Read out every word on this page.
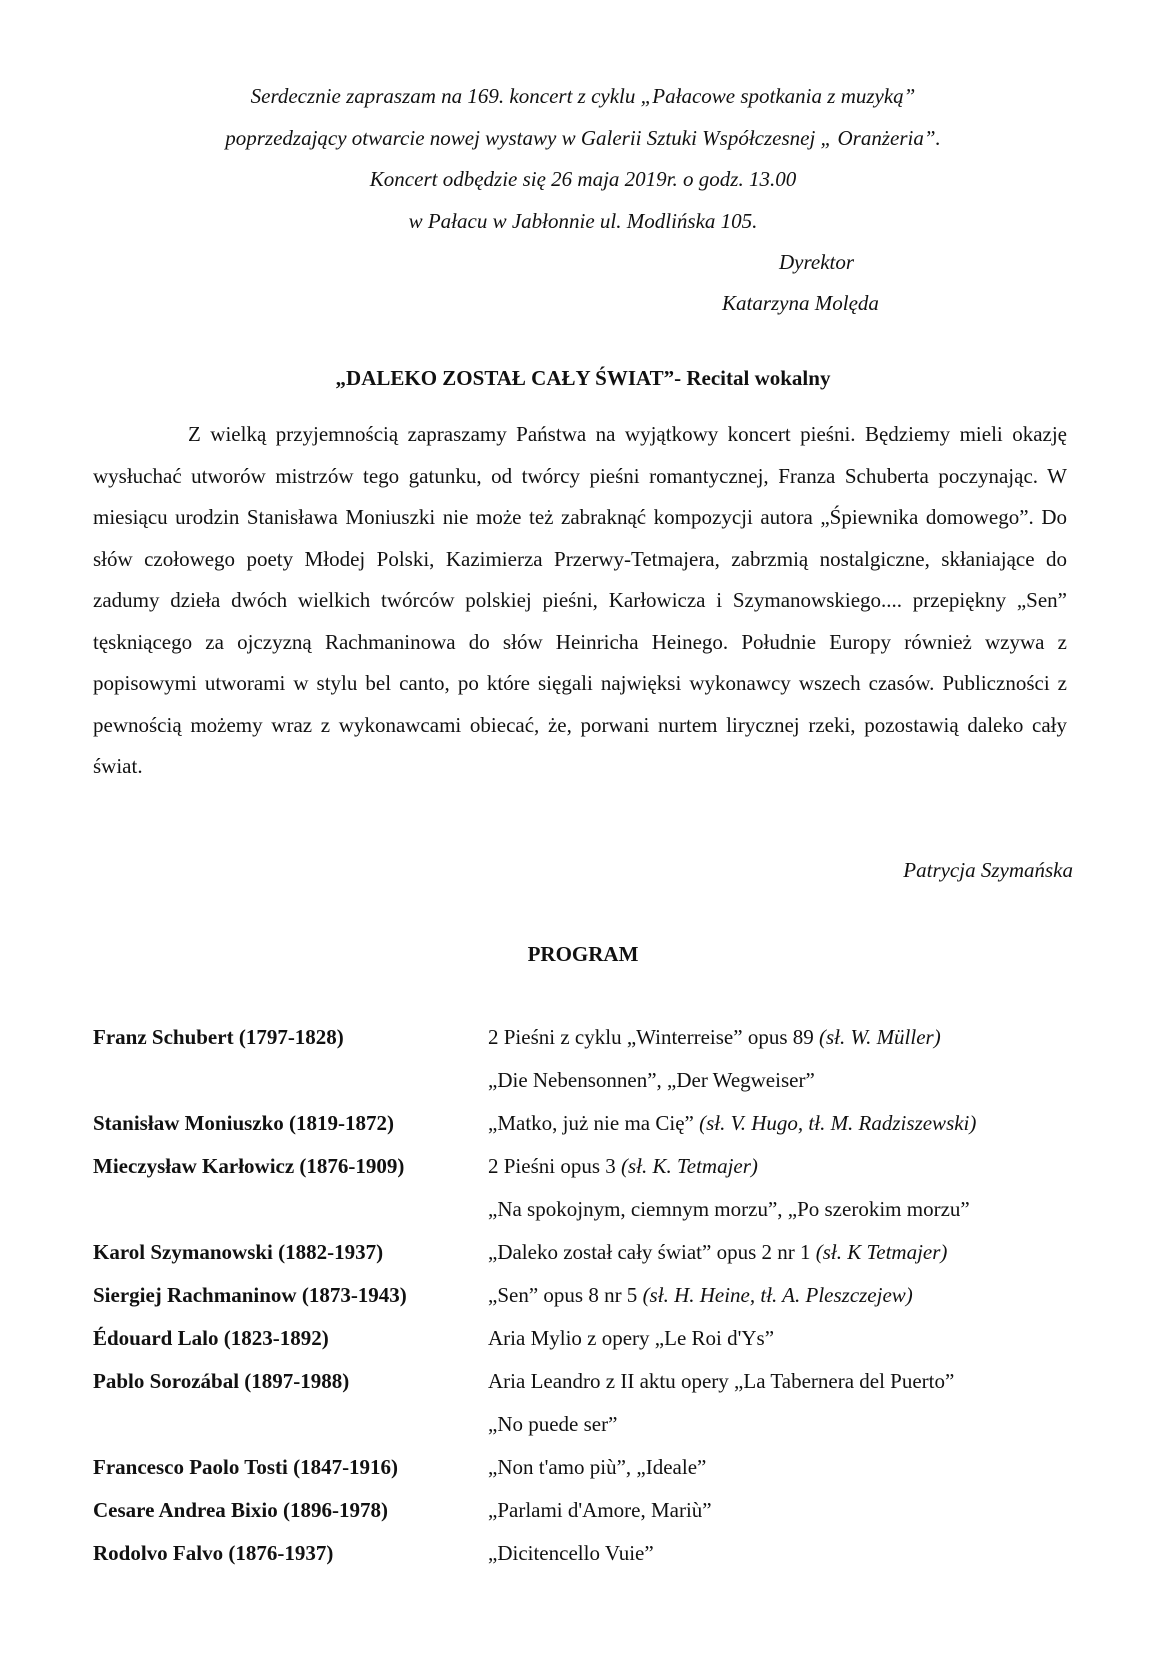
Serdecznie zapraszam na 169. koncert z cyklu „Pałacowe spotkania z muzyką”
poprzedzający otwarcie nowej wystawy w Galerii Sztuki Współczesnej „ Oranżeria”.
Koncert odbędzie się 26 maja 2019r. o godz. 13.00
w Pałacu w Jabłonnie ul. Modlińska 105.
Dyrektor
Katarzyna Molęda
„DALEKO ZOSTAŁ CAŁY ŚWIAT”- Recital wokalny
Z wielką przyjemnością zapraszamy Państwa na wyjątkowy koncert pieśni. Będziemy mieli okazję wysłuchać utworów mistrzów tego gatunku, od twórcy pieśni romantycznej, Franza Schuberta poczynając. W miesiącu urodzin Stanisława Moniuszki nie może też zabraknąć kompozycji autora „Śpiewnika domowego”. Do słów czołowego poety Młodej Polski, Kazimierza Przerwy-Tetmajera, zabrzmią nostalgiczne, skłaniające do zadumy dzieła dwóch wielkich twórców polskiej pieśni, Karłowicza i Szymanowskiego.... przepiękny „Sen” tęskniącego za ojczyzną Rachmaninowa do słów Heinricha Heinego. Południe Europy również wzywa z popisowymi utworami w stylu bel canto, po które sięgali najwięksi wykonawcy wszech czasów. Publiczności z pewnością możemy wraz z wykonawcami obiecać, że, porwani nurtem lirycznej rzeki, pozostawią daleko cały świat.
Patrycja Szymańska
PROGRAM
Franz Schubert (1797-1828)	2 Pieśni z cyklu „Winterreise” opus 89 (sł. W. Müller)
„Die Nebensonnen”, „Der Wegweiser”
Stanisław Moniuszko (1819-1872)	„Matko, już nie ma Cię” (sł. V. Hugo, tł. M. Radziszewski)
Mieczysław Karłowicz (1876-1909)	2 Pieśni opus 3 (sł. K. Tetmajer)
„Na spokojnym, ciemnym morzu”, „Po szerokim morzu”
Karol Szymanowski (1882-1937)	„Daleko został cały świat” opus 2 nr 1 (sł. K Tetmajer)
Siergiej Rachmaninow (1873-1943)	„Sen” opus 8 nr 5 (sł. H. Heine, tł. A. Pleszczejew)
Édouard Lalo (1823-1892)	Aria Mylio z opery „Le Roi d'Ys”
Pablo Sorozábal (1897-1988)	Aria Leandro z II aktu opery „La Tabernera del Puerto”
„No puede ser”
Francesco Paolo Tosti (1847-1916)	„Non t'amo più”, „Ideale”
Cesare Andrea Bixio (1896-1978)	„Parlami d'Amore, Mariù”
Rodolvo Falvo (1876-1937)	„Dicitencello Vuie”
